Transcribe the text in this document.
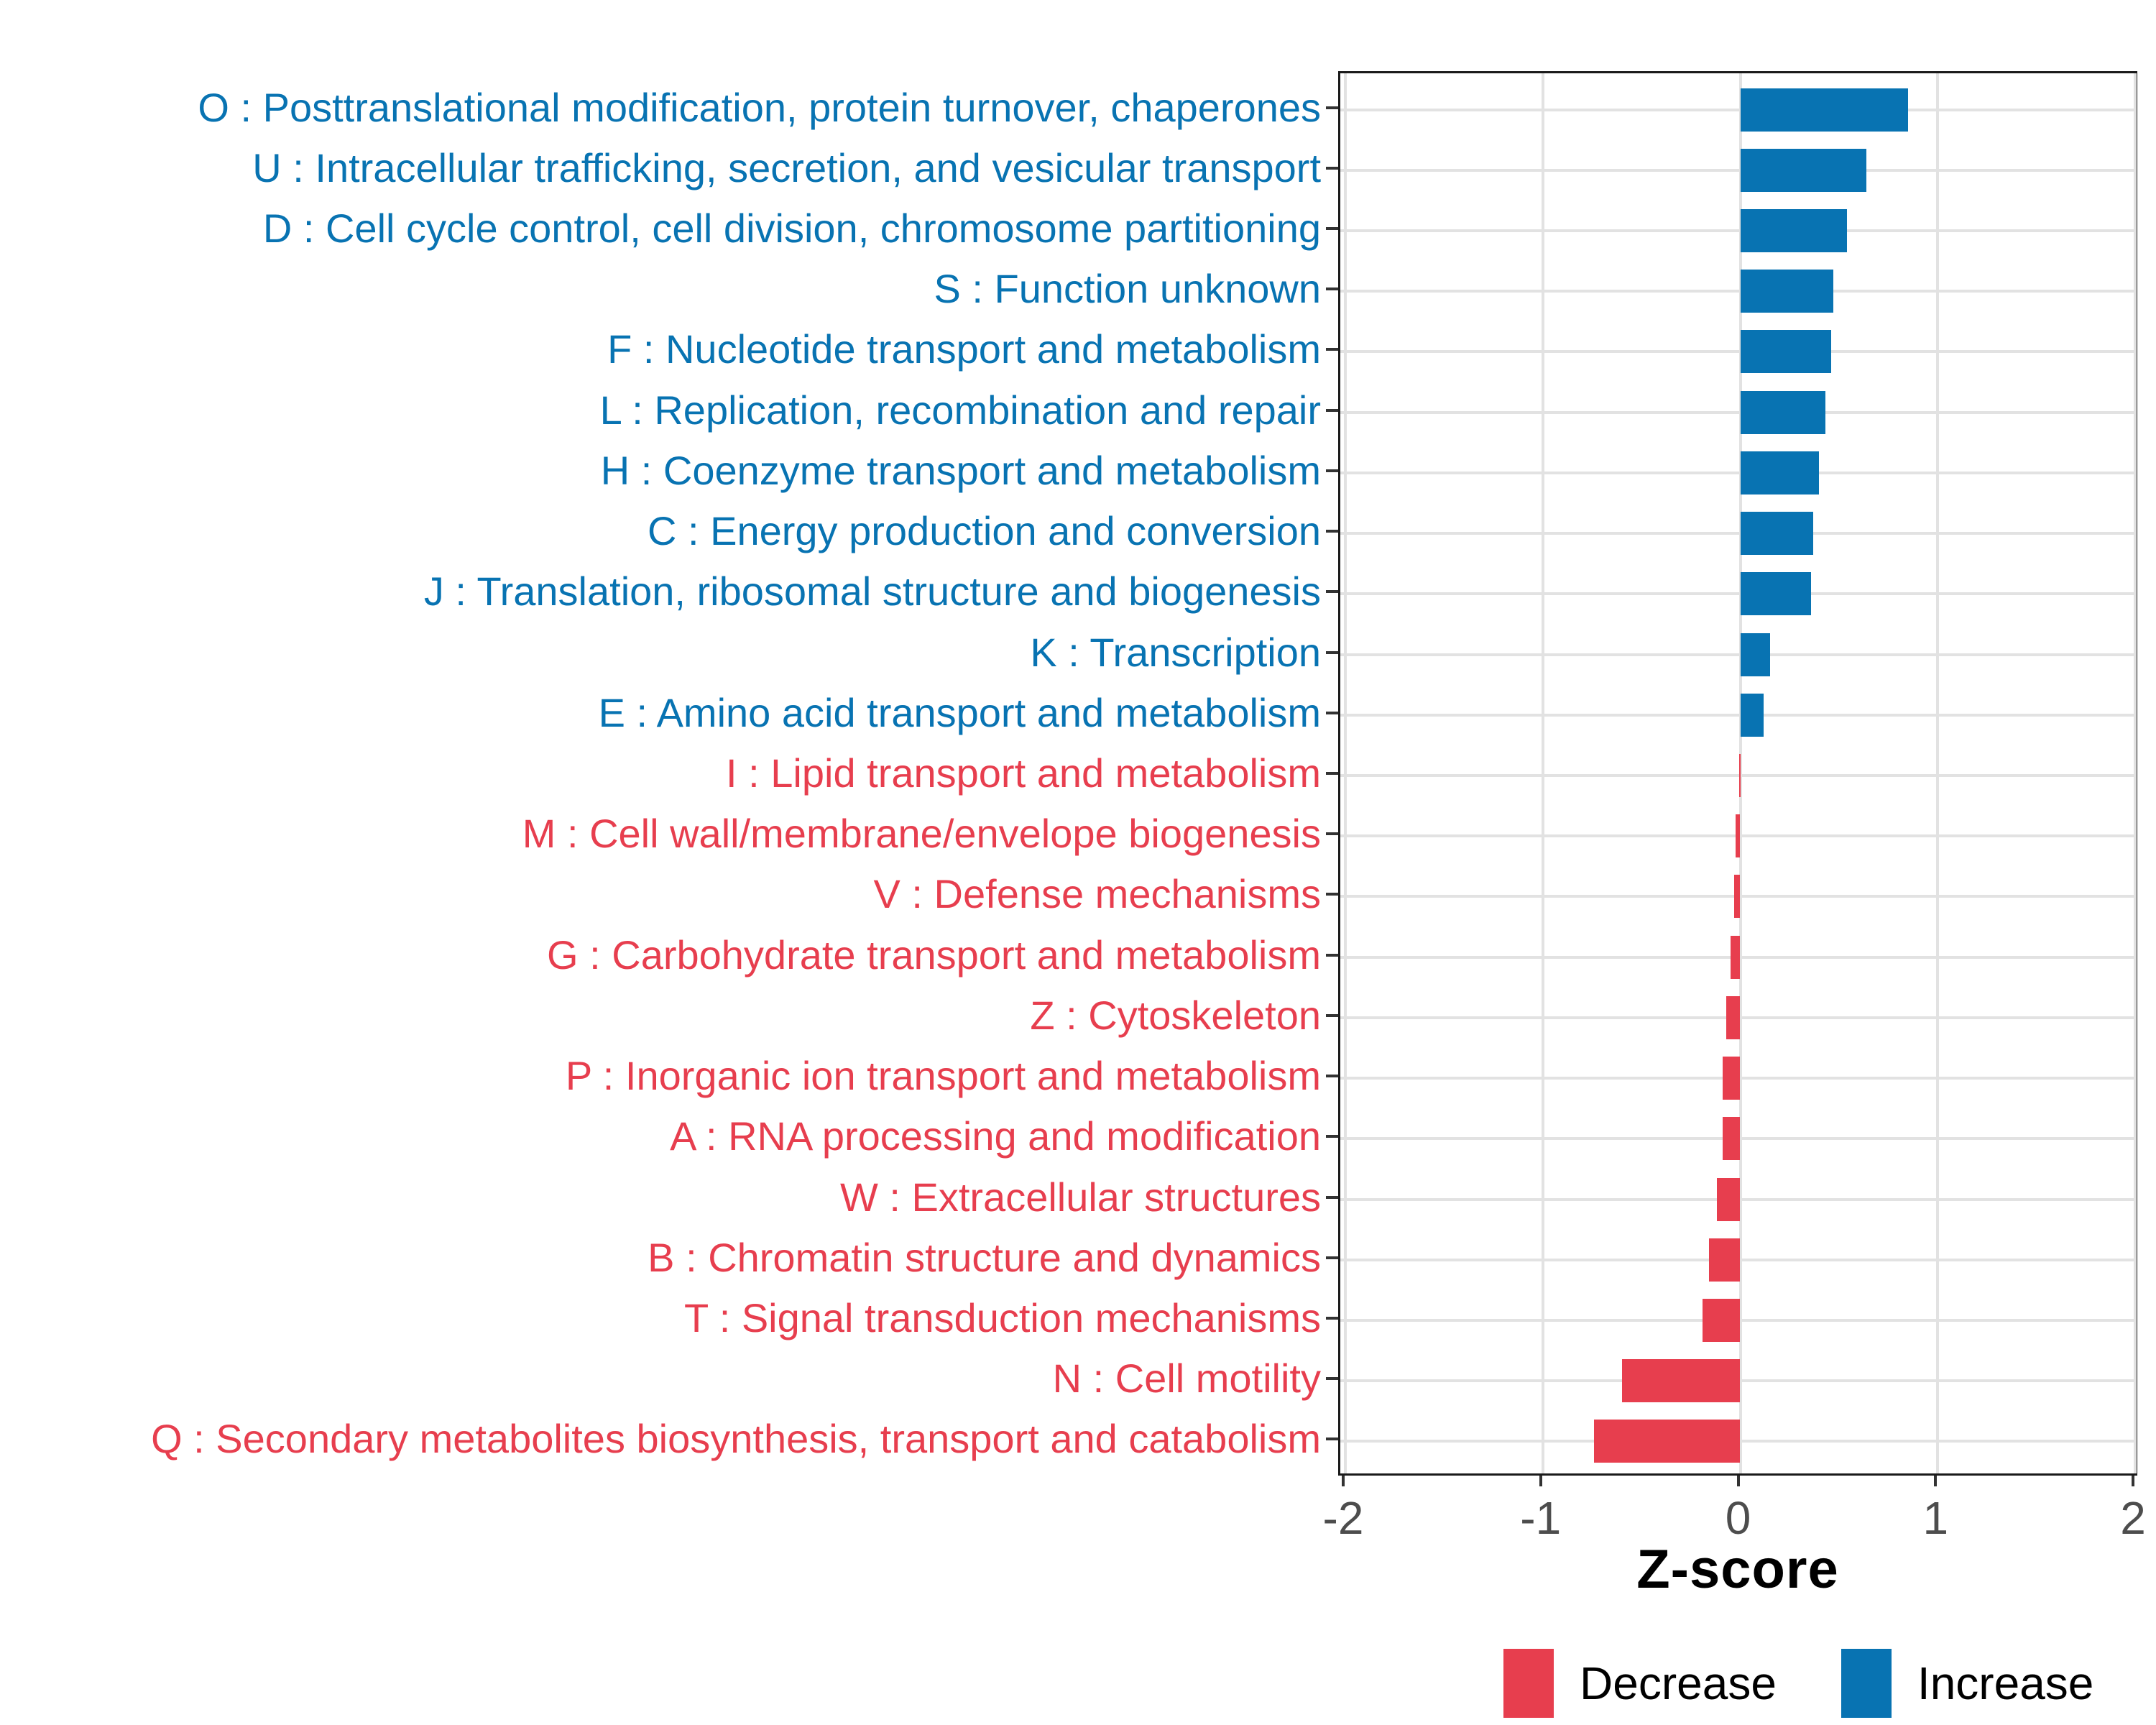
O : Posttranslational modification, protein turnover, chaperones
U : Intracellular trafficking, secretion, and vesicular transport
D : Cell cycle control, cell division, chromosome partitioning
S : Function unknown
F : Nucleotide transport and metabolism
L : Replication, recombination and repair
H : Coenzyme transport and metabolism
C : Energy production and conversion
J : Translation, ribosomal structure and biogenesis
K : Transcription
E : Amino acid transport and metabolism
I : Lipid transport and metabolism
M : Cell wall/membrane/envelope biogenesis
V : Defense mechanisms
G : Carbohydrate transport and metabolism
Z : Cytoskeleton
P : Inorganic ion transport and metabolism
A : RNA processing and modification
W : Extracellular structures
B : Chromatin structure and dynamics
T : Signal transduction mechanisms
N : Cell motility
Q : Secondary metabolites biosynthesis, transport and catabolism
-2	-1	0	1	2
Z-score
Decrease	Increase
